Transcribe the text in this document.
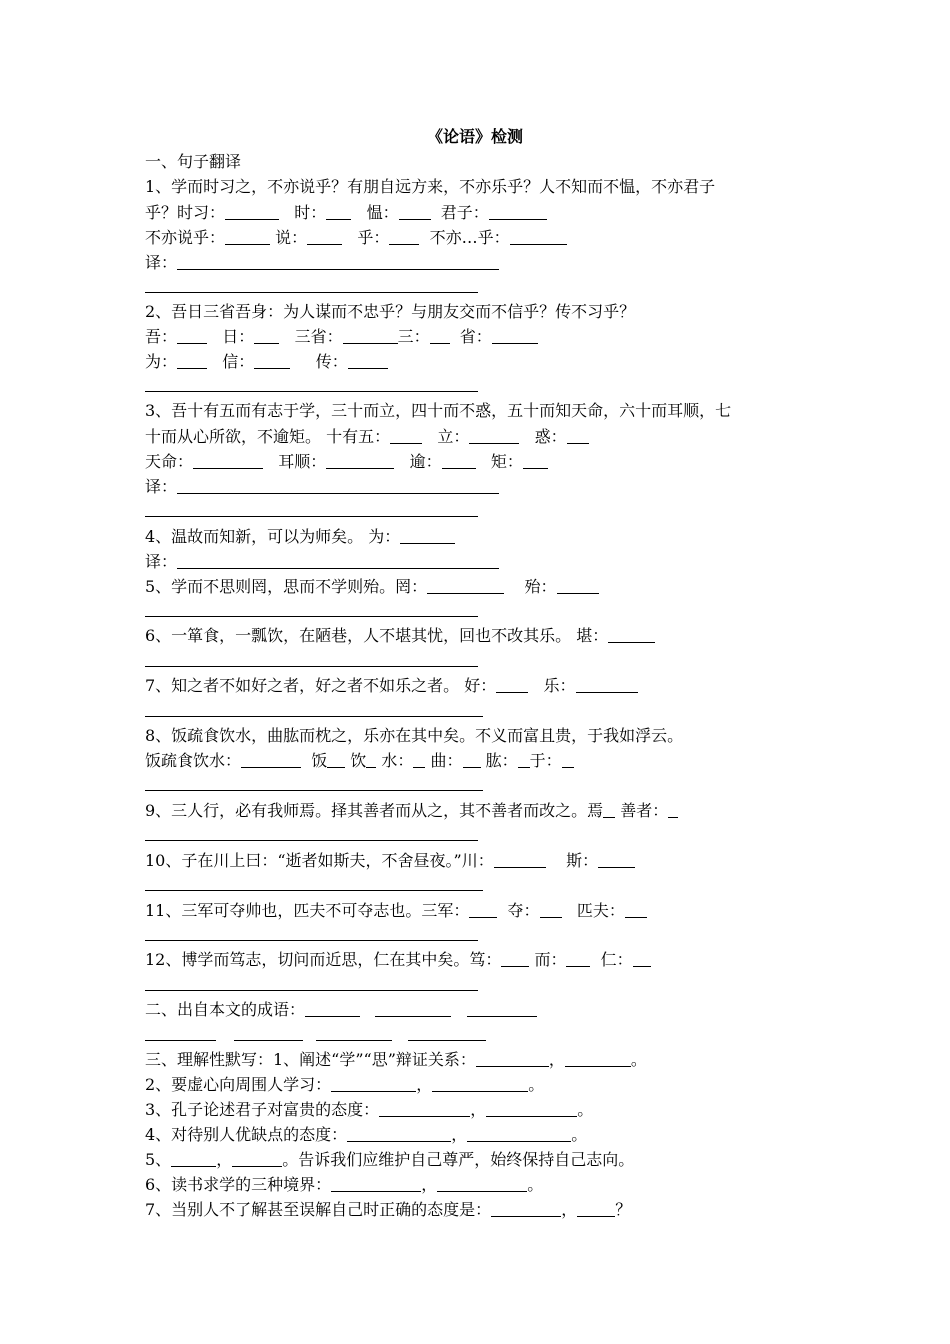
《论语》检测
一、句子翻译
1、学而时习之，不亦说乎？有朋自远方来，不亦乐乎？人不知而不愠，不亦君子
乎？时习：	时：	愠：	君子：
不亦说乎：	说：	乎：	不亦…乎：
译：
2、吾日三省吾身：为人谋而不忠乎？与朋友交而不信乎？传不习乎？
吾：	日：	三省：	三： 省：
为：	信：	传：
3、吾十有五而有志于学，三十而立，四十而不惑，五十而知天命，六十而耳顺，七
十而从心所欲，不逾矩。 十有五：	立：	惑：
天命：	耳顺：	逾：	矩：
译：
4、温故而知新，可以为师矣。 为：
译：
5、学而不思则罔，思而不学则殆。罔：	殆：
6、一箪食，一瓢饮，在陋巷，人不堪其忧，回也不改其乐。 堪：
7、知之者不如好之者，好之者不如乐之者。 好：	乐：
8、饭疏食饮水，曲肱而枕之，乐亦在其中矣。不义而富且贵，于我如浮云。
饭疏食饮水：	饭 饮 水： 曲： 肱： 于：
9、三人行，必有我师焉。择其善者而从之，其不善者而改之。焉 善者：
10、子在川上曰：“逝者如斯夫，不舍昼夜。”川：	斯：
11、三军可夺帅也，匹夫不可夺志也。三军： 夺： 匹夫：
12、博学而笃志，切问而近思，仁在其中矣。笃： 而： 仁：
二、出自本文的成语：
三、理解性默写：1、阐述“学”“思”辩证关系：	，	。
2、要虚心向周围人学习：	，	。
3、孔子论述君子对富贵的态度：	，	。
4、对待别人优缺点的态度：	，	。
5、	，	。告诉我们应维护自己尊严，始终保持自己志向。
6、读书求学的三种境界：	，	。
7、当别人不了解甚至误解自己时正确的态度是：	， ？
